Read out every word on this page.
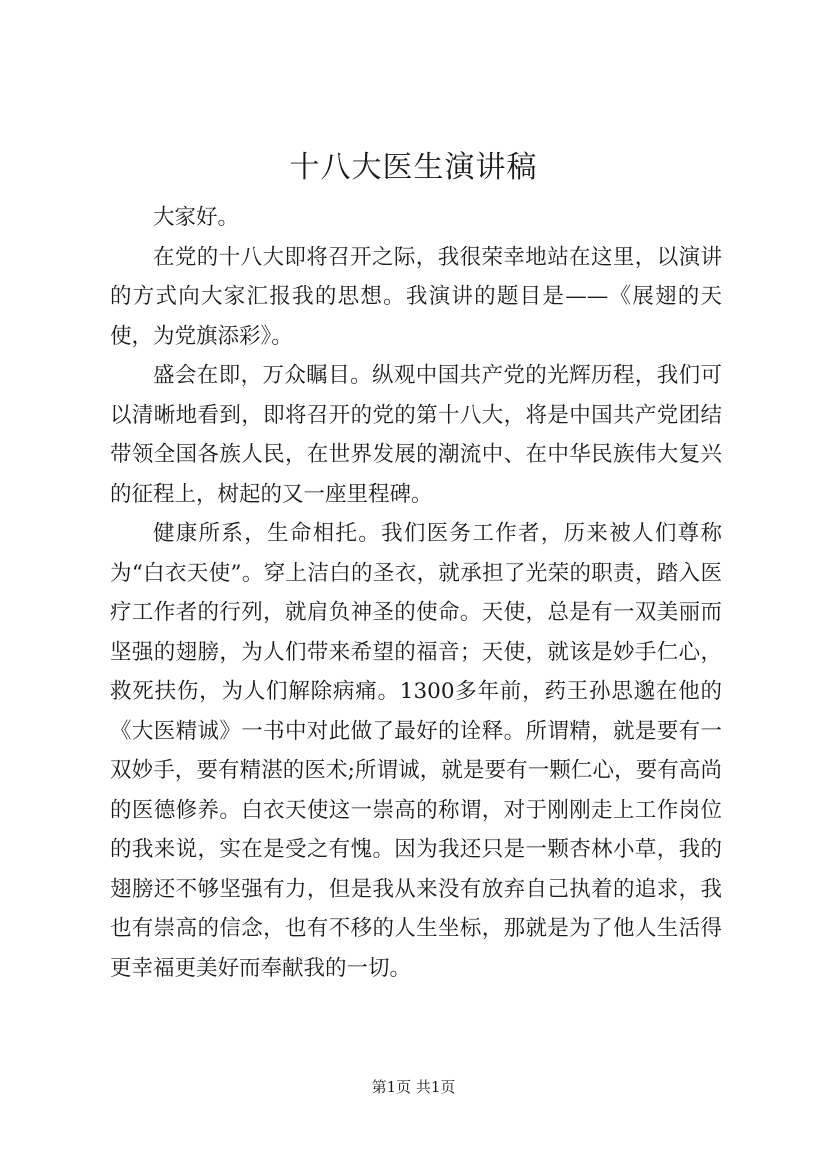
十八大医生演讲稿

大家好。

在党的十八大即将召开之际，我很荣幸地站在这里，以演讲的方式向大家汇报我的思想。我演讲的题目是——《展翅的天使，为党旗添彩》。

盛会在即，万众瞩目。纵观中国共产党的光辉历程，我们可以清晰地看到，即将召开的党的第十八大，将是中国共产党团结带领全国各族人民，在世界发展的潮流中、在中华民族伟大复兴的征程上，树起的又一座里程碑。

健康所系，生命相托。我们医务工作者，历来被人们尊称为“白衣天使”。穿上洁白的圣衣，就承担了光荣的职责，踏入医疗工作者的行列，就肩负神圣的使命。天使，总是有一双美丽而坚强的翅膀，为人们带来希望的福音；天使，就该是妙手仁心，救死扶伤，为人们解除病痛。1300多年前，药王孙思邈在他的《大医精诚》一书中对此做了最好的诠释。所谓精，就是要有一双妙手，要有精湛的医术;所谓诚，就是要有一颗仁心，要有高尚的医德修养。白衣天使这一崇高的称谓，对于刚刚走上工作岗位的我来说，实在是受之有愧。因为我还只是一颗杏林小草，我的翅膀还不够坚强有力，但是我从来没有放弃自己执着的追求，我也有崇高的信念，也有不移的人生坐标，那就是为了他人生活得更幸福更美好而奉献我的一切。

第1页 共1页
